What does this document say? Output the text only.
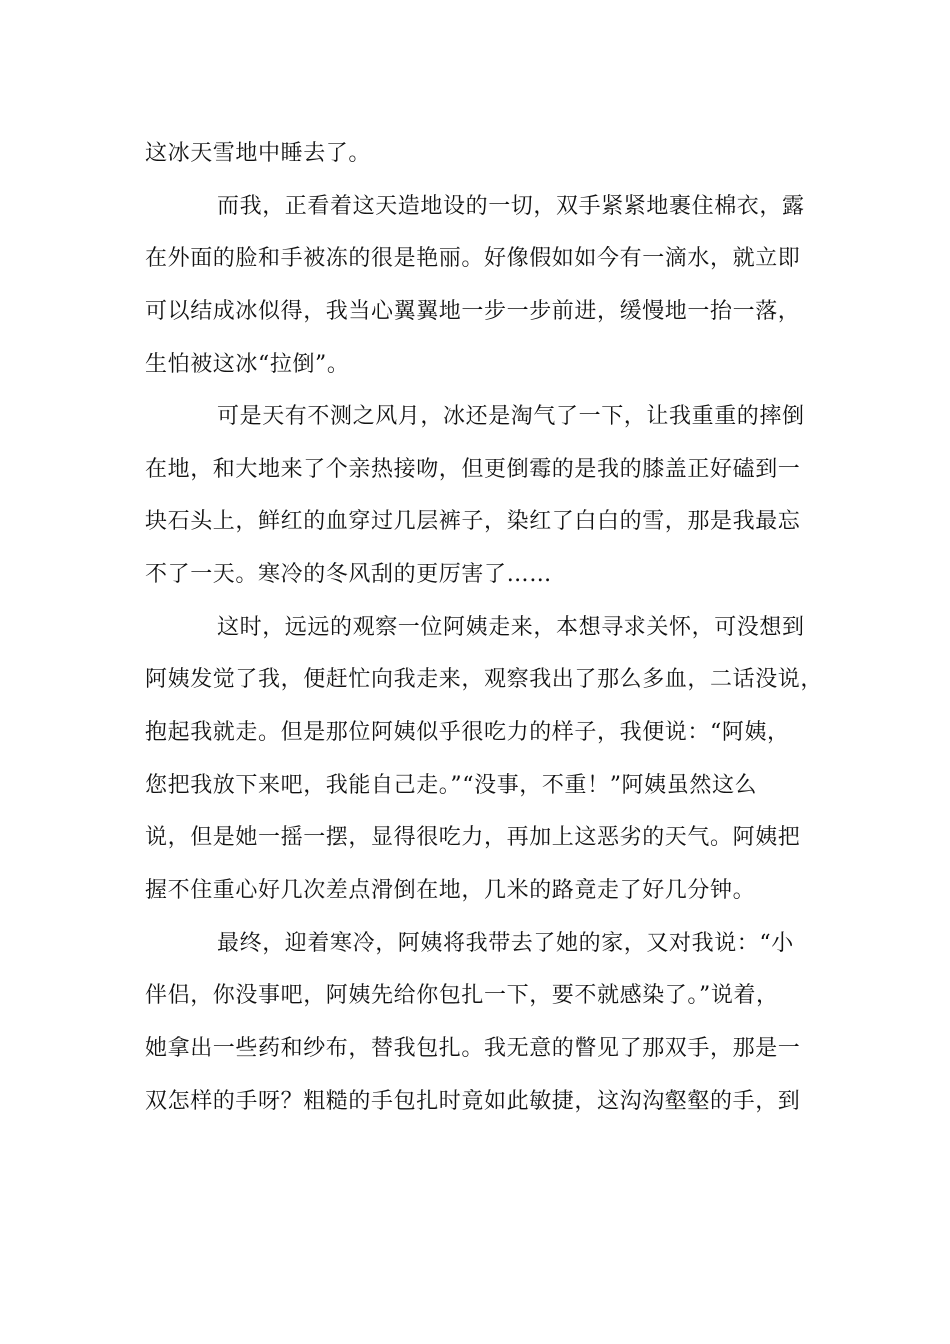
这冰天雪地中睡去了。
而我，正看着这天造地设的一切，双手紧紧地裹住棉衣，露
在外面的脸和手被冻的很是艳丽。好像假如如今有一滴水，就立即
可以结成冰似得，我当心翼翼地一步一步前进，缓慢地一抬一落，
生怕被这冰“拉倒”。
可是天有不测之风月，冰还是淘气了一下，让我重重的摔倒
在地，和大地来了个亲热接吻，但更倒霉的是我的膝盖正好磕到一
块石头上，鲜红的血穿过几层裤子，染红了白白的雪，那是我最忘
不了一天。寒冷的冬风刮的更厉害了……
这时，远远的观察一位阿姨走来，本想寻求关怀，可没想到
阿姨发觉了我，便赶忙向我走来，观察我出了那么多血，二话没说，
抱起我就走。但是那位阿姨似乎很吃力的样子，我便说：“阿姨，
您把我放下来吧，我能自己走。”“没事，不重！”阿姨虽然这么
说，但是她一摇一摆，显得很吃力，再加上这恶劣的天气。阿姨把
握不住重心好几次差点滑倒在地，几米的路竟走了好几分钟。
最终，迎着寒冷，阿姨将我带去了她的家，又对我说：“小
伴侣，你没事吧，阿姨先给你包扎一下，要不就感染了。”说着，
她拿出一些药和纱布，替我包扎。我无意的瞥见了那双手，那是一
双怎样的手呀？粗糙的手包扎时竟如此敏捷，这沟沟壑壑的手，到
